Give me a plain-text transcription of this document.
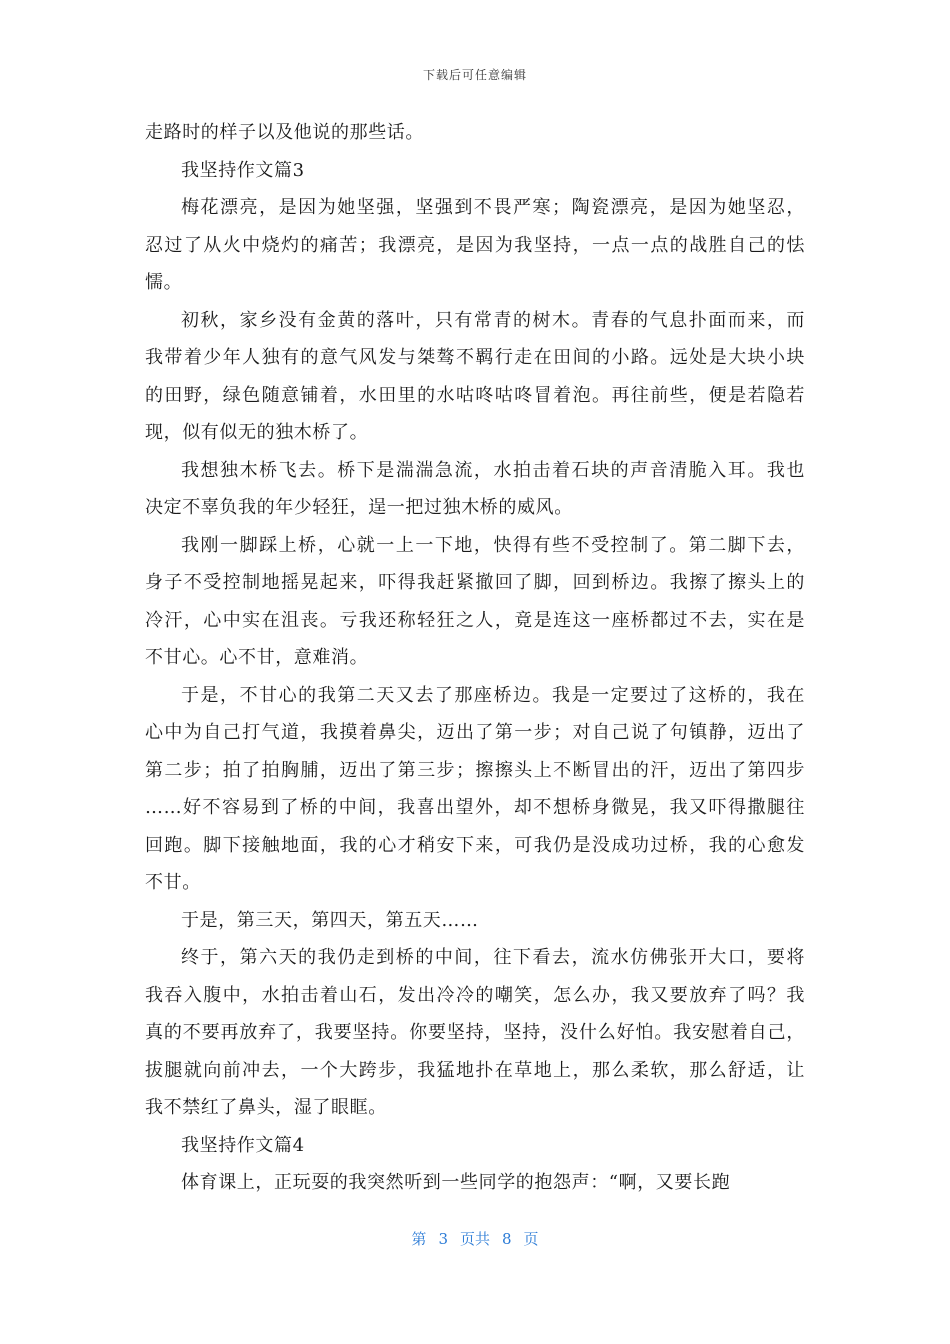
下载后可任意编辑
走路时的样子以及他说的那些话。
我坚持作文篇3
梅花漂亮，是因为她坚强，坚强到不畏严寒；陶瓷漂亮，是因为她坚忍，
忍过了从火中烧灼的痛苦；我漂亮，是因为我坚持，一点一点的战胜自己的怯
懦。
初秋，家乡没有金黄的落叶，只有常青的树木。青春的气息扑面而来，而
我带着少年人独有的意气风发与桀骜不羁行走在田间的小路。远处是大块小块
的田野，绿色随意铺着，水田里的水咕咚咕咚冒着泡。再往前些，便是若隐若
现，似有似无的独木桥了。
我想独木桥飞去。桥下是湍湍急流，水拍击着石块的声音清脆入耳。我也
决定不辜负我的年少轻狂，逞一把过独木桥的威风。
我刚一脚踩上桥，心就一上一下地，快得有些不受控制了。第二脚下去，
身子不受控制地摇晃起来，吓得我赶紧撤回了脚，回到桥边。我擦了擦头上的
冷汗，心中实在沮丧。亏我还称轻狂之人，竟是连这一座桥都过不去，实在是
不甘心。心不甘，意难消。
于是，不甘心的我第二天又去了那座桥边。我是一定要过了这桥的，我在
心中为自己打气道，我摸着鼻尖，迈出了第一步；对自己说了句镇静，迈出了
第二步；拍了拍胸脯，迈出了第三步；擦擦头上不断冒出的汗，迈出了第四步
……好不容易到了桥的中间，我喜出望外，却不想桥身微晃，我又吓得撒腿往
回跑。脚下接触地面，我的心才稍安下来，可我仍是没成功过桥，我的心愈发
不甘。
于是，第三天，第四天，第五天……
终于，第六天的我仍走到桥的中间，往下看去，流水仿佛张开大口，要将
我吞入腹中，水拍击着山石，发出冷冷的嘲笑，怎么办，我又要放弃了吗？我
真的不要再放弃了，我要坚持。你要坚持，坚持，没什么好怕。我安慰着自己，
拔腿就向前冲去，一个大跨步，我猛地扑在草地上，那么柔软，那么舒适，让
我不禁红了鼻头，湿了眼眶。
我坚持作文篇4
体育课上，正玩耍的我突然听到一些同学的抱怨声：“啊，又要长跑
第 3 页共 8 页
